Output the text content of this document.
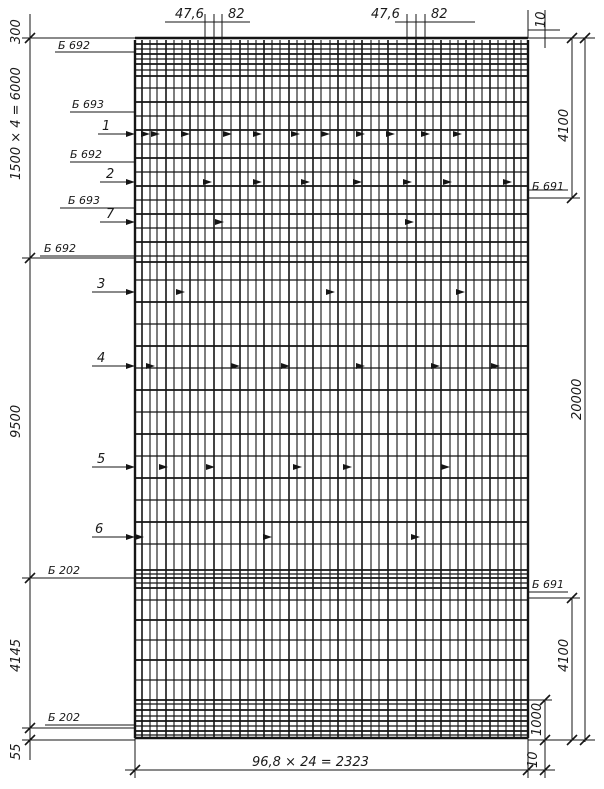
300
1500 × 4 = 6000
9500
4145
55
47,6 82	47,6 82	10
4100
20000
4100
1000
96,8 × 24 = 2323	10
Б 692
Б 693
Б 692
Б 693
Б 692
Б 691
Б 202
Б 691
Б 202
1
2
7
3
4
5
6
